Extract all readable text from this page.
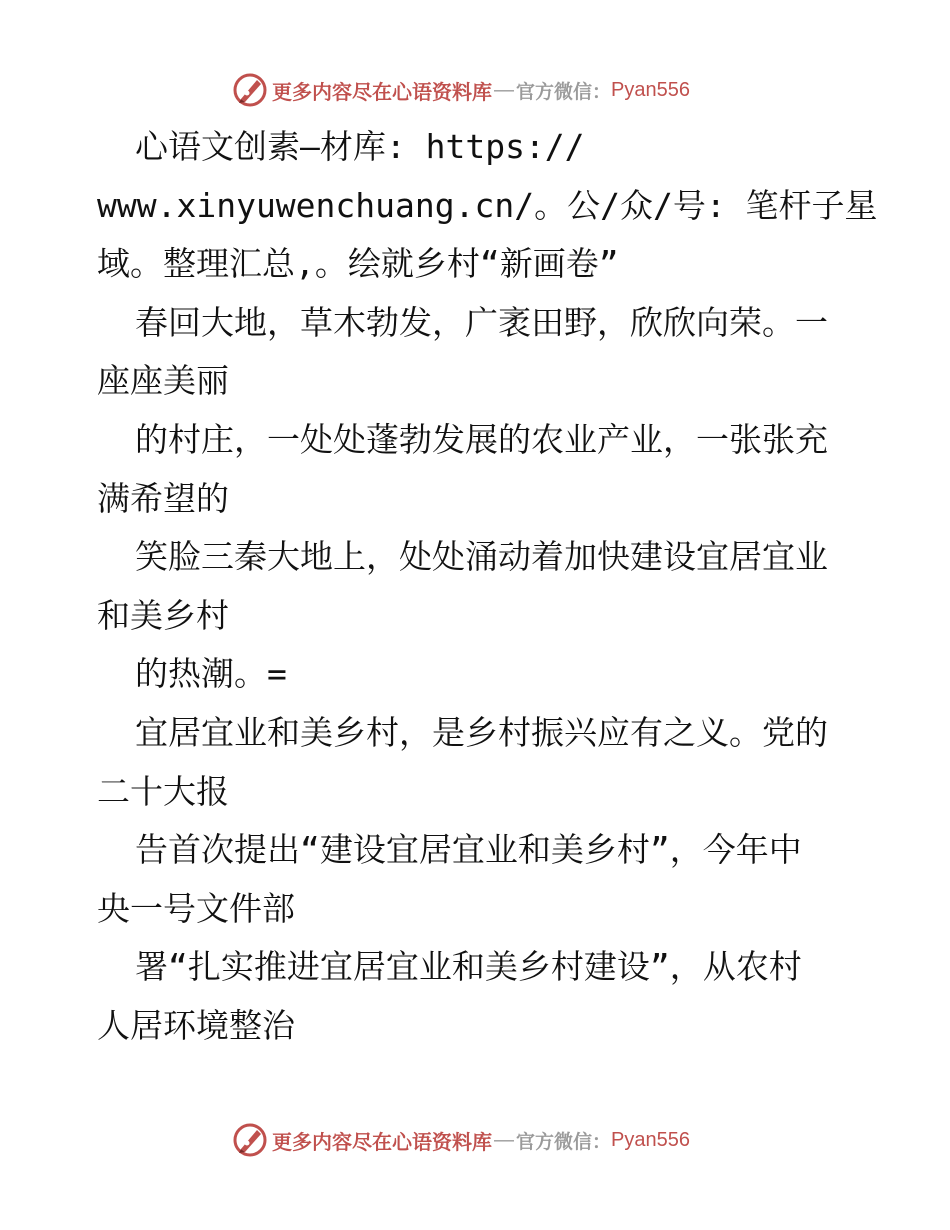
更多内容尽在心语资料库 — 官方微信： Pyan556
心语文创素—材库: https://
www.xinyuwenchuang.cn/。公/众/号: 笔杆子星
域。整理汇总,。绘就乡村“新画卷”
春回大地，草木勃发，广袤田野，欣欣向荣。一
座座美丽
的村庄，一处处蓬勃发展的农业产业，一张张充
满希望的
笑脸三秦大地上，处处涌动着加快建设宜居宜业
和美乡村
的热潮。=
宜居宜业和美乡村，是乡村振兴应有之义。党的
二十大报
告首次提出“建设宜居宜业和美乡村”，今年中
央一号文件部
署“扎实推进宜居宜业和美乡村建设”，从农村
人居环境整治
更多内容尽在心语资料库 — 官方微信： Pyan556
